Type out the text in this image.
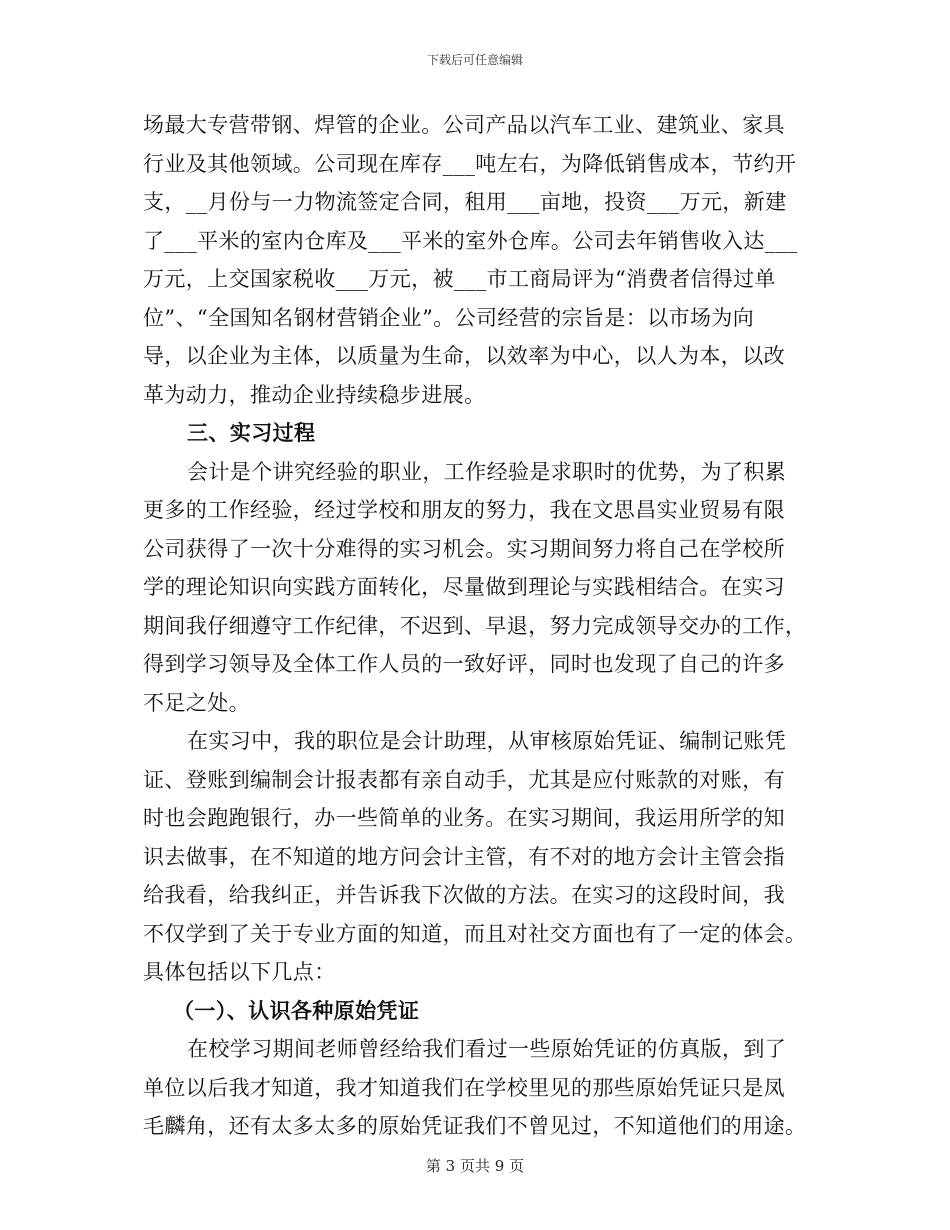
下载后可任意编辑
场最大专营带钢、焊管的企业。公司产品以汽车工业、建筑业、家具
行业及其他领域。公司现在库存___吨左右，为降低销售成本，节约开
支，__月份与一力物流签定合同，租用___亩地，投资___万元，新建
了___平米的室内仓库及___平米的室外仓库。公司去年销售收入达___
万元，上交国家税收___万元，被___市工商局评为“消费者信得过单
位”、“全国知名钢材营销企业”。公司经营的宗旨是：以市场为向
导，以企业为主体，以质量为生命，以效率为中心，以人为本，以改
革为动力，推动企业持续稳步进展。
三、实习过程
会计是个讲究经验的职业，工作经验是求职时的优势，为了积累
更多的工作经验，经过学校和朋友的努力，我在文思昌实业贸易有限
公司获得了一次十分难得的实习机会。实习期间努力将自己在学校所
学的理论知识向实践方面转化，尽量做到理论与实践相结合。在实习
期间我仔细遵守工作纪律，不迟到、早退，努力完成领导交办的工作，
得到学习领导及全体工作人员的一致好评，同时也发现了自己的许多
不足之处。
在实习中，我的职位是会计助理，从审核原始凭证、编制记账凭
证、登账到编制会计报表都有亲自动手，尤其是应付账款的对账，有
时也会跑跑银行，办一些简单的业务。在实习期间，我运用所学的知
识去做事，在不知道的地方问会计主管，有不对的地方会计主管会指
给我看，给我纠正，并告诉我下次做的方法。在实习的这段时间，我
不仅学到了关于专业方面的知道，而且对社交方面也有了一定的体会。
具体包括以下几点：
（一）、认识各种原始凭证
在校学习期间老师曾经给我们看过一些原始凭证的仿真版，到了
单位以后我才知道，我才知道我们在学校里见的那些原始凭证只是凤
毛麟角，还有太多太多的原始凭证我们不曾见过，不知道他们的用途。
第 3 页共 9 页
